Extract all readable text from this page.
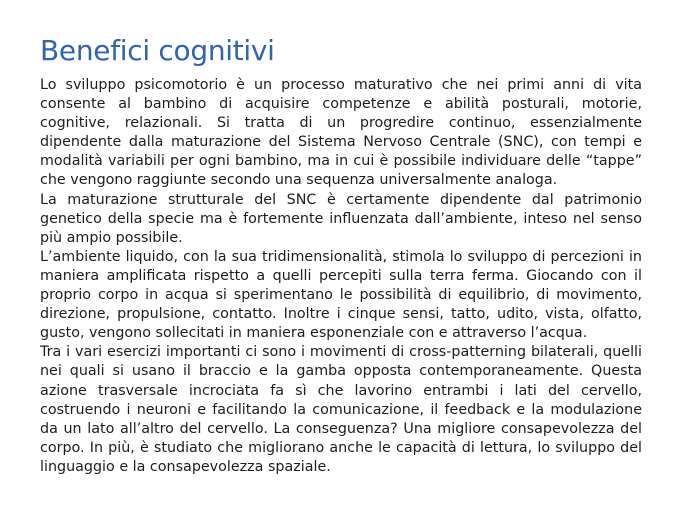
Benefici cognitivi

Lo sviluppo psicomotorio è un processo maturativo che nei primi anni di vita consente al bambino di acquisire competenze e abilità posturali, motorie, cognitive, relazionali. Si tratta di un progredire continuo, essenzialmente dipendente dalla maturazione del Sistema Nervoso Centrale (SNC), con tempi e modalità variabili per ogni bambino, ma in cui è possibile individuare delle “tappe” che vengono raggiunte secondo una sequenza universalmente analoga.

La maturazione strutturale del SNC è certamente dipendente dal patrimonio genetico della specie ma è fortemente influenzata dall’ambiente, inteso nel senso più ampio possibile.

L’ambiente liquido, con la sua tridimensionalità, stimola lo sviluppo di percezioni in maniera amplificata rispetto a quelli percepiti sulla terra ferma. Giocando con il proprio corpo in acqua si sperimentano le possibilità di equilibrio, di movimento, direzione, propulsione, contatto. Inoltre i cinque sensi, tatto, udito, vista, olfatto, gusto, vengono sollecitati in maniera esponenziale con e attraverso l’acqua.

Tra i vari esercizi importanti ci sono i movimenti di cross-patterning bilaterali, quelli nei quali si usano il braccio e la gamba opposta contemporaneamente. Questa azione trasversale incrociata fa sì che lavorino entrambi i lati del cervello, costruendo i neuroni e facilitando la comunicazione, il feedback e la modulazione da un lato all’altro del cervello. La conseguenza? Una migliore consapevolezza del corpo. In più, è studiato che migliorano anche le capacità di lettura, lo sviluppo del linguaggio e la consapevolezza spaziale.
